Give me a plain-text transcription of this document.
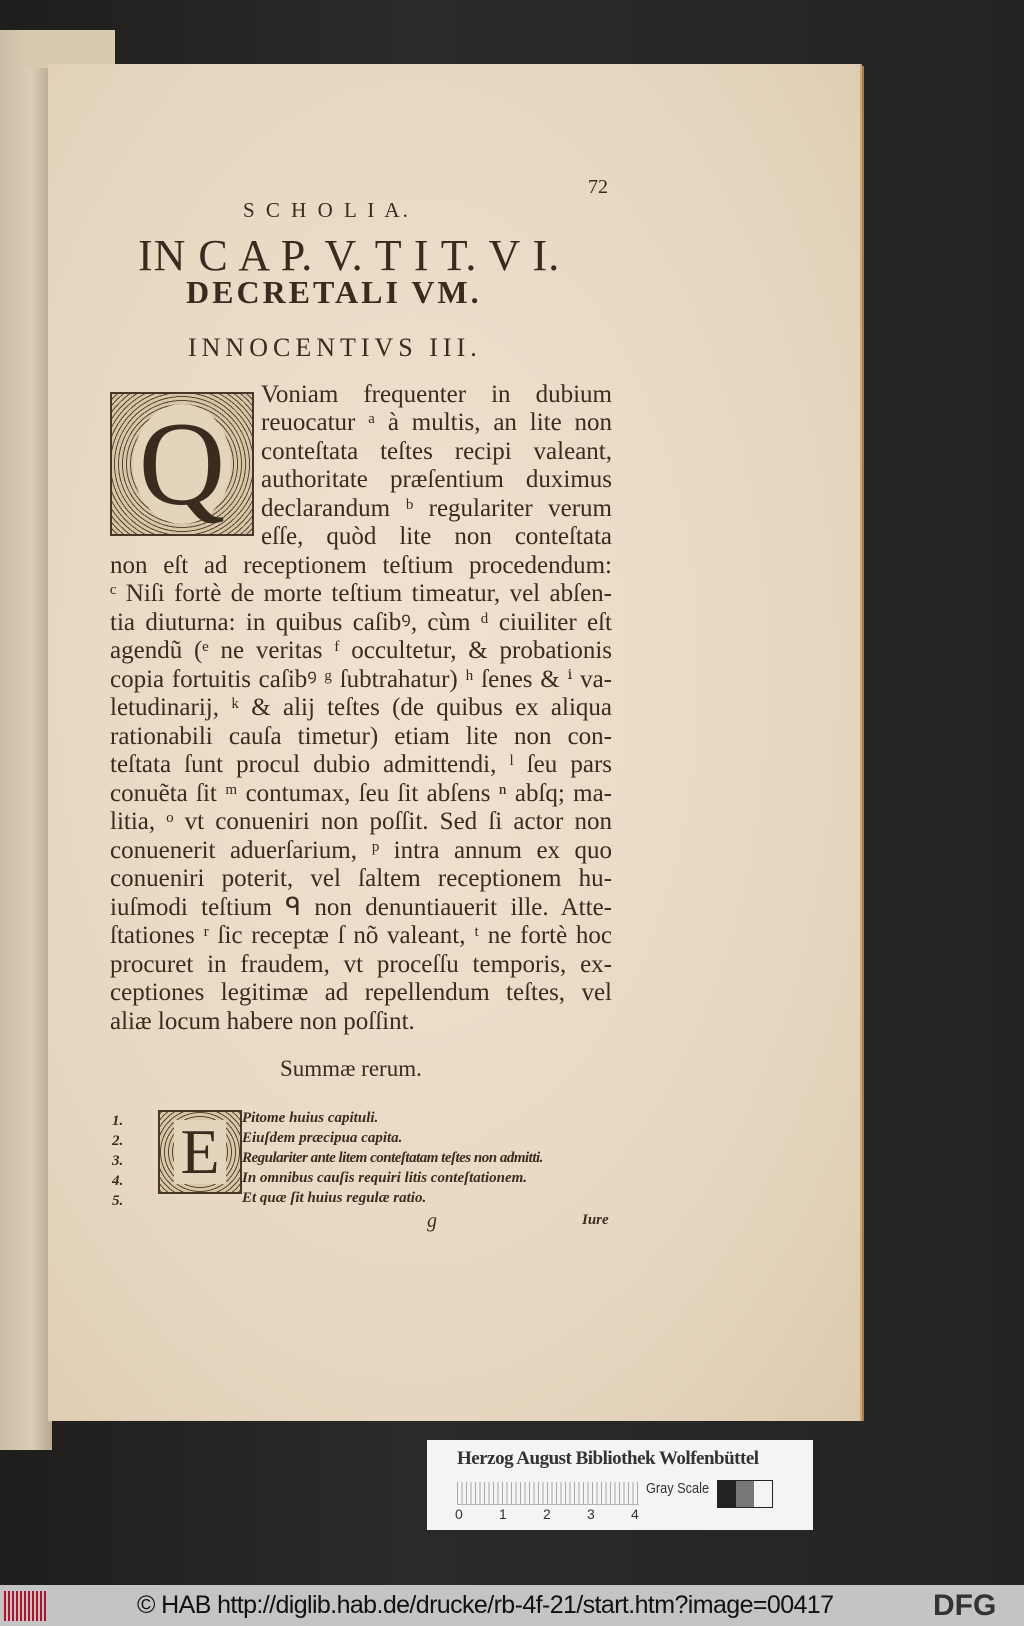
72
S C H O L I A.
IN C A P. V. T I T. V I.
DECRETALI VM.
INNOCENTIVS III.
Q
Voniam frequenter in dubium
reuocatur ᵃ à multis, an lite non
conteſtata teſtes recipi valeant,
authoritate præſentium duximus
declarandum ᵇ regulariter verum
eſſe, quòd lite non conteſtata
non eſt ad receptionem teſtium procedendum:
ᶜ Niſi fortè de morte teſtium timeatur, vel abſen-
tia diuturna: in quibus caſibꝰ, cùm ᵈ ciuiliter eſt
agendũ (ᵉ ne veritas ᶠ occultetur, & probationis
copia fortuitis caſibꝰ ᵍ ſubtrahatur) ʰ ſenes & ⁱ va-
letudinarij, ᵏ & alij teſtes (de quibus ex aliqua
rationabili cauſa timetur) etiam lite non con-
teſtata ſunt procul dubio admittendi, ˡ ſeu pars
conuẽta ſit ᵐ contumax, ſeu ſit abſens ⁿ abſq; ma-
litia, ᵒ vt conueniri non poſſit. Sed ſi actor non
conuenerit aduerſarium, ᵖ intra annum ex quo
conueniri poterit, vel ſaltem receptionem hu-
iuſmodi teſtium ᑫ non denuntiauerit ille. Atte-
ſtationes ʳ ſic receptæ ſ nõ valeant, ᵗ ne fortè hoc
procuret in fraudem, vt proceſſu temporis, ex-
ceptiones legitimæ ad repellendum teſtes, vel
aliæ locum habere non poſſint.
Summæ rerum.
E
1.	Pitome huius capituli.
2.	Eiuſdem præcipua capita.
3.	Regulariter ante litem conteſtatam teſtes non admitti.
4.	In omnibus cauſis requiri litis conteſtationem.
5.	Et quæ ſit huius regulæ ratio.
g	Iure
Herzog August Bibliothek Wolfenbüttel
0	1	2	3	4
Gray Scale
© HAB http://diglib.hab.de/drucke/rb-4f-21/start.htm?image=00417	DFG
